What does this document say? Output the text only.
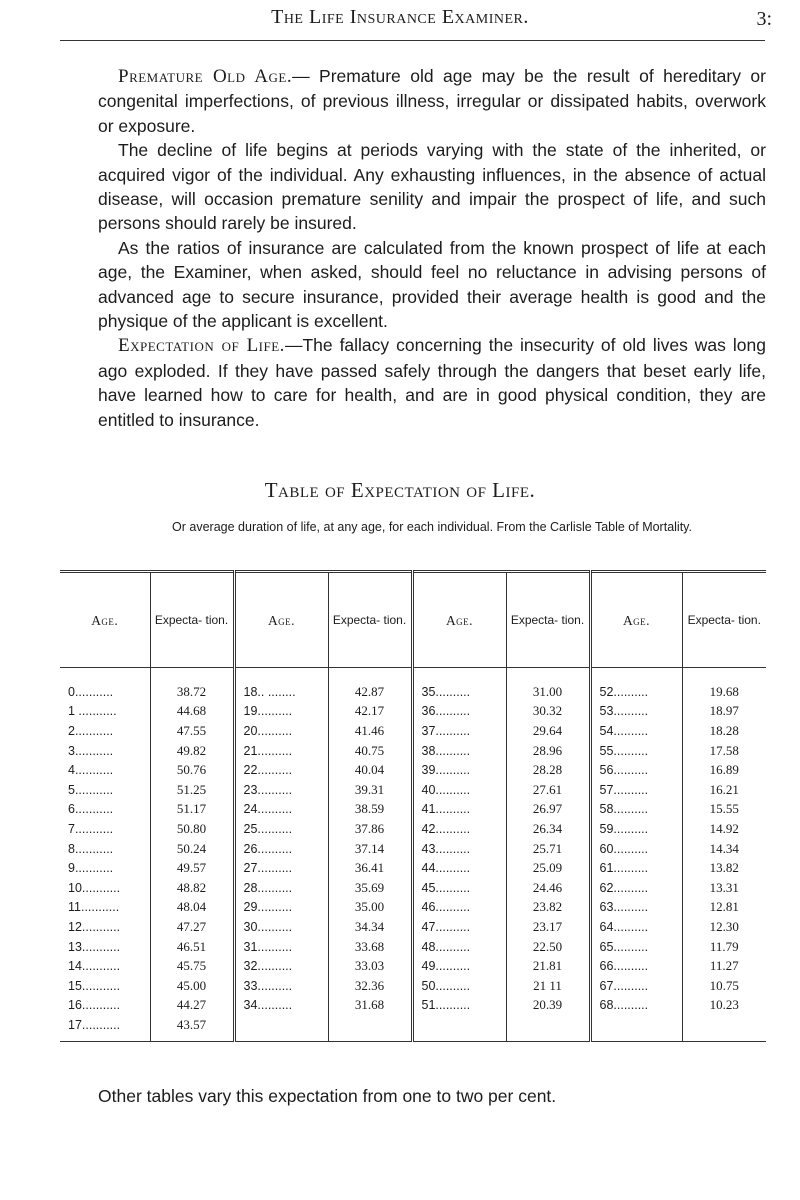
The Life Insurance Examiner.	3:

Premature Old Age.— Premature old age may be the result of hereditary or congenital imperfections, of previous illness, irregular or dissipated habits, overwork or exposure.

The decline of life begins at periods varying with the state of the inherited, or acquired vigor of the individual. Any exhausting influences, in the absence of actual disease, will occasion premature senility and impair the prospect of life, and such persons should rarely be insured.

As the ratios of insurance are calculated from the known prospect of life at each age, the Examiner, when asked, should feel no reluctance in advising persons of advanced age to secure insurance, provided their average health is good and the physique of the applicant is excellent.

Expectation of Life.—The fallacy concerning the insecurity of old lives was long ago exploded. If they have passed safely through the dangers that beset early life, have learned how to care for health, and are in good physical condition, they are entitled to insurance.

Table of Expectation of Life.
Or average duration of life, at any age, for each individual. From the Carlisle Table of Mortality.
Age.	Expecta- tion.	Age.	Expecta- tion.	Age.	Expecta- tion.	Age.	Expecta- tion.
0...........	38.72	18.. ........	42.87	35..........	31.00	52..........	19.68
1 ...........	44.68	19..........	42.17	36..........	30.32	53..........	18.97
2...........	47.55	20..........	41.46	37..........	29.64	54..........	18.28
3...........	49.82	21..........	40.75	38..........	28.96	55..........	17.58
4...........	50.76	22..........	40.04	39..........	28.28	56..........	16.89
5...........	51.25	23..........	39.31	40..........	27.61	57..........	16.21
6...........	51.17	24..........	38.59	41..........	26.97	58..........	15.55
7...........	50.80	25..........	37.86	42..........	26.34	59..........	14.92
8...........	50.24	26..........	37.14	43..........	25.71	60..........	14.34
9...........	49.57	27..........	36.41	44..........	25.09	61..........	13.82
10...........	48.82	28..........	35.69	45..........	24.46	62..........	13.31
11...........	48.04	29..........	35.00	46..........	23.82	63..........	12.81
12...........	47.27	30..........	34.34	47..........	23.17	64..........	12.30
13...........	46.51	31..........	33.68	48..........	22.50	65..........	11.79
14...........	45.75	32..........	33.03	49..........	21.81	66..........	11.27
15...........	45.00	33..........	32.36	50..........	21 11	67..........	10.75
16...........	44.27	34..........	31.68	51..........	20.39	68..........	10.23
17...........	43.57						
Other tables vary this expectation from one to two per cent.
